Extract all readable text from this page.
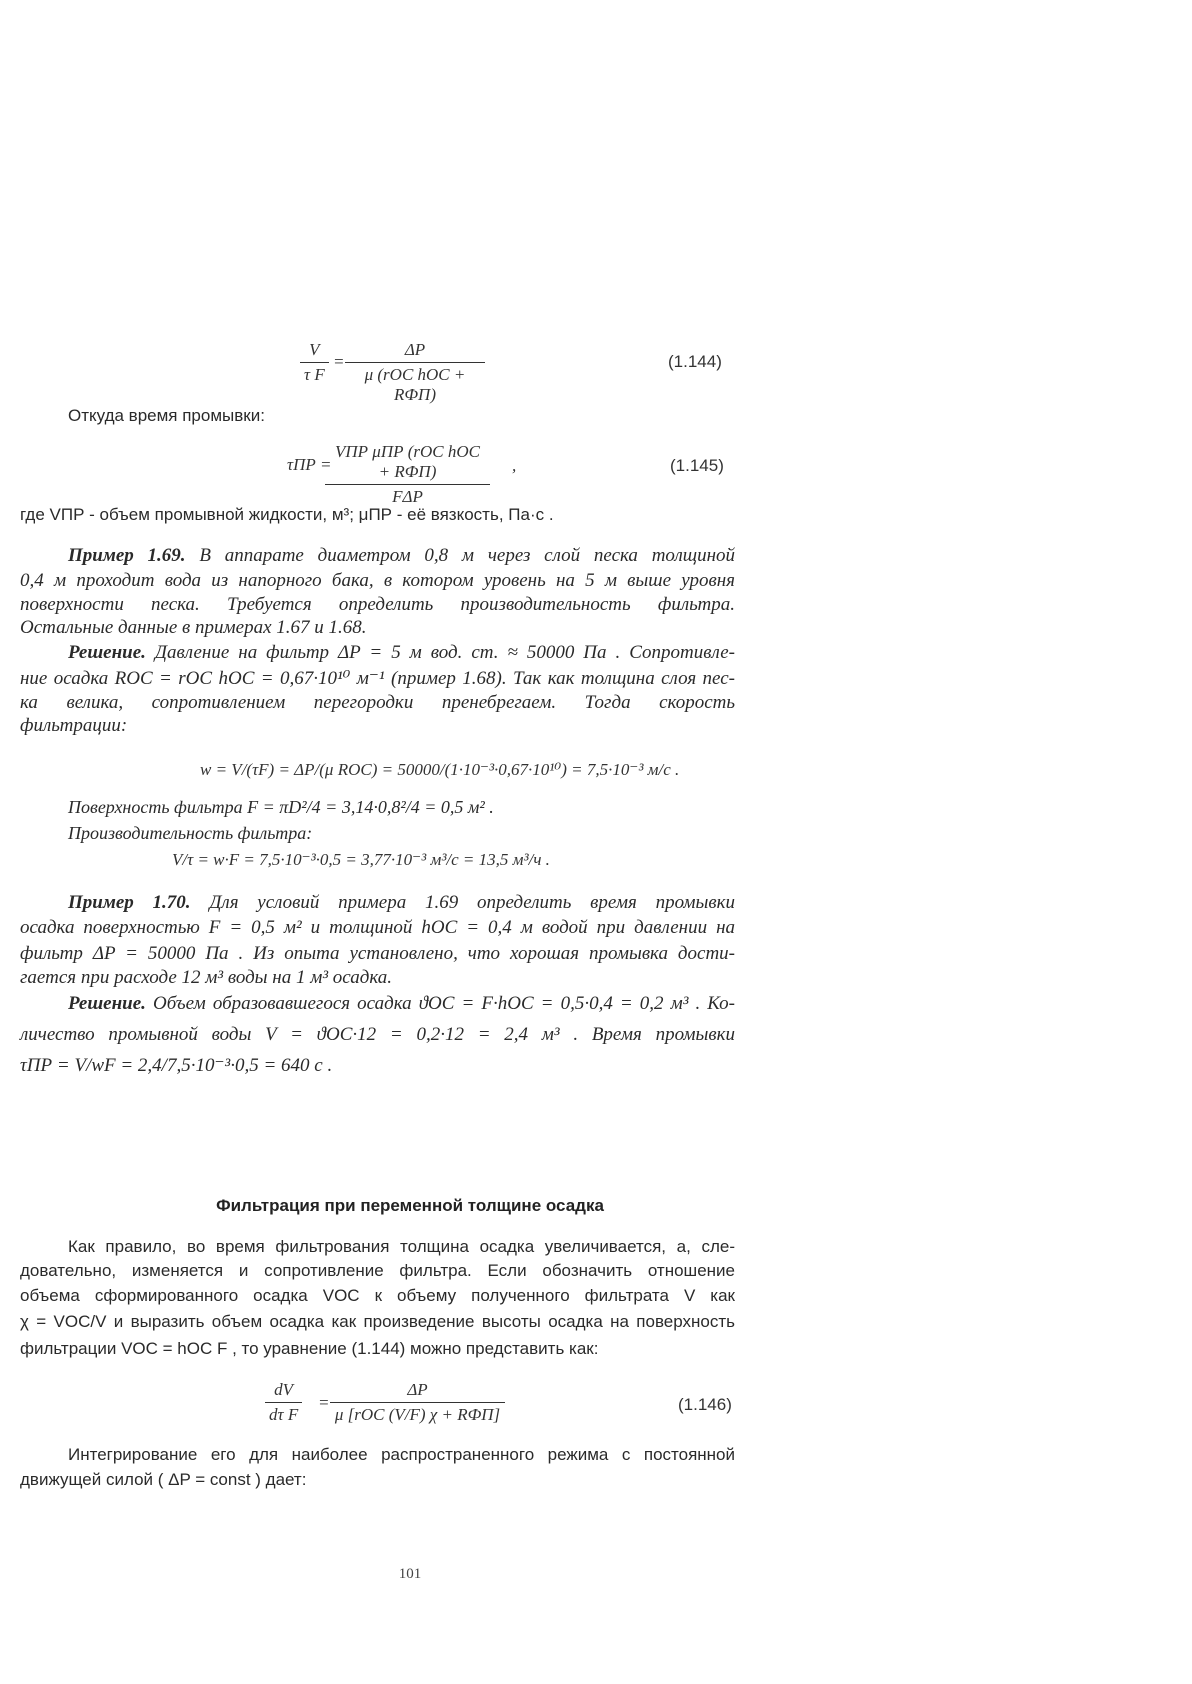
$\frac{V}{\text{τ F}}$ =
ΔP
μ (rОС hОС + RФП)
(1.144)
Откуда время промывки:
τПР =
VПР μПР (rОС hОС + RФП)
FΔP
,	(1.145)
где VПР - объем промывной жидкости, м³; μПР - её вязкость, Па·с .
Пример 1.69. В аппарате диаметром 0,8 м через слой песка толщиной
0,4 м проходит вода из напорного бака, в котором уровень на 5 м выше уровня
поверхности песка. Требуется определить производительность фильтра.
Остальные данные в примерах 1.67 и 1.68.
Решение. Давление на фильтр ΔP = 5 м вод. ст. ≈ 50000 Па . Сопротивле-
ние осадка RОС = rОС hОС = 0,67·10¹⁰ м⁻¹ (пример 1.68). Так как толщина слоя пес-
ка велика, сопротивлением перегородки пренебрегаем. Тогда скорость
фильтрации:
w = V/(τF) = ΔP/(μ RОС) = 50000/(1·10⁻³·0,67·10¹⁰) = 7,5·10⁻³ м/с .
Поверхность фильтра F = πD²/4 = 3,14·0,8²/4 = 0,5 м² .
Производительность фильтра:
V/τ = w·F = 7,5·10⁻³·0,5 = 3,77·10⁻³ м³/с = 13,5 м³/ч .
Пример 1.70. Для условий примера 1.69 определить время промывки
осадка поверхностью F = 0,5 м² и толщиной hОС = 0,4 м водой при давлении на
фильтр ΔP = 50000 Па . Из опыта установлено, что хорошая промывка дости-
гается при расходе 12 м³ воды на 1 м³ осадка.
Решение. Объем образовавшегося осадка ϑОС = F·hОС = 0,5·0,4 = 0,2 м³ . Ко-
личество промывной воды V = ϑОС·12 = 0,2·12 = 2,4 м³ . Время промывки
τПР = V/wF = 2,4/7,5·10⁻³·0,5 = 640 с .
Фильтрация при переменной толщине осадка
Как правило, во время фильтрования толщина осадка увеличивается, а, сле-
довательно, изменяется и сопротивление фильтра. Если обозначить отношение
объема сформированного осадка VОС к объему полученного фильтрата V как
χ = VОС/V и выразить объем осадка как произведение высоты осадка на поверхность
фильтрации VОС = hОС F , то уравнение (1.144) можно представить как:
$\frac{dV}{\text{dτ F}}$ =
ΔP
μ [rОС (V/F) χ + RФП]
(1.146)
Интегрирование его для наиболее распространенного режима с постоянной
движущей силой ( ΔP = const ) дает:
101
